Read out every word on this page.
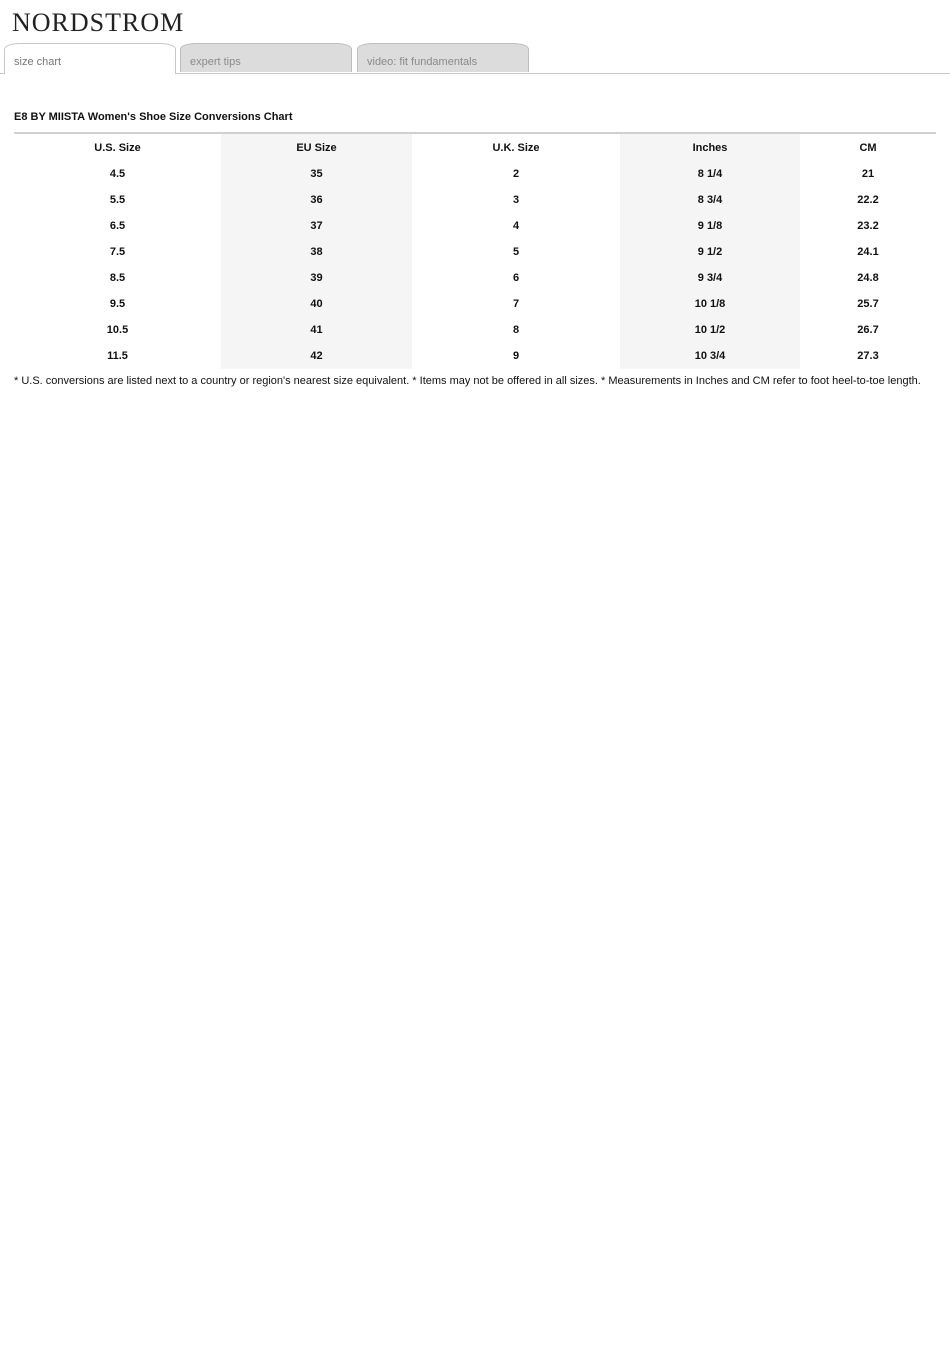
NORDSTROM
size chart	expert tips	video: fit fundamentals
E8 BY MIISTA Women's Shoe Size Conversions Chart
U.S. Size	EU Size	U.K. Size	Inches	CM
4.5	35	2	8 1/4	21
5.5	36	3	8 3/4	22.2
6.5	37	4	9 1/8	23.2
7.5	38	5	9 1/2	24.1
8.5	39	6	9 3/4	24.8
9.5	40	7	10 1/8	25.7
10.5	41	8	10 1/2	26.7
11.5	42	9	10 3/4	27.3
* U.S. conversions are listed next to a country or region's nearest size equivalent. * Items may not be offered in all sizes. * Measurements in Inches and CM refer to foot heel-to-toe length.
